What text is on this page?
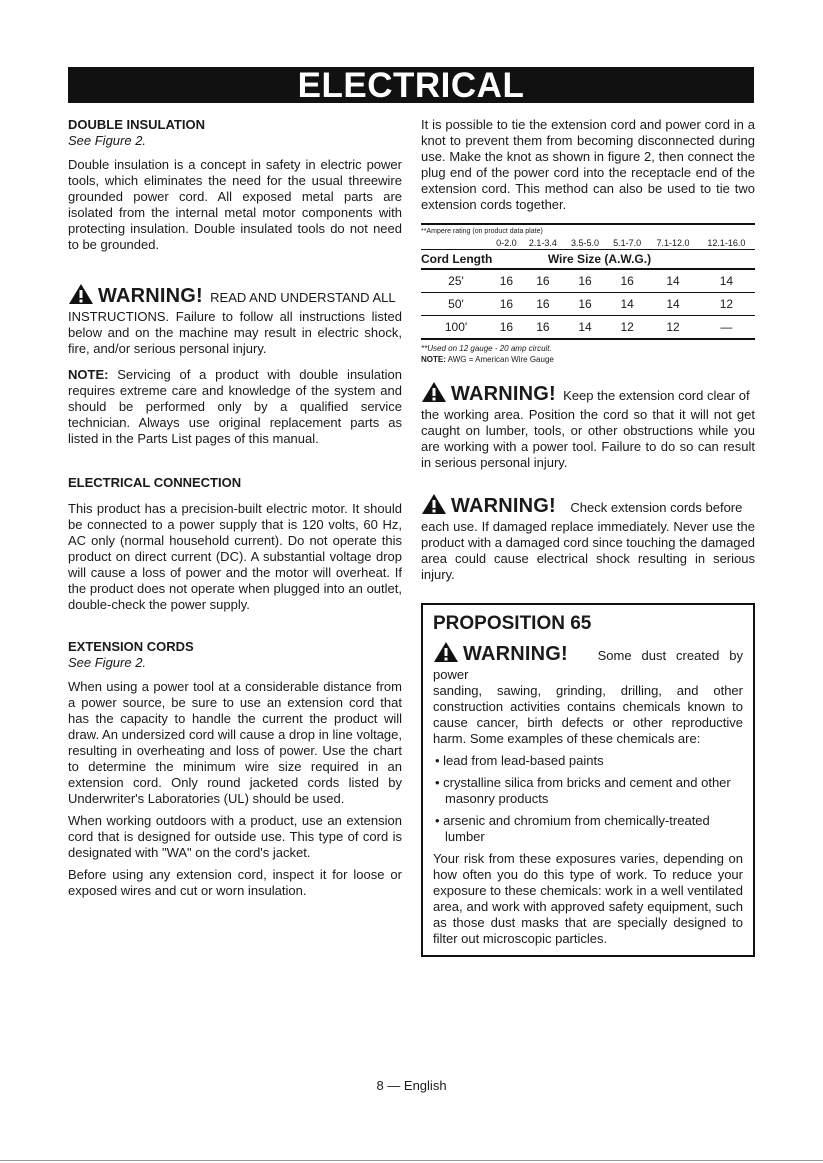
ELECTRICAL
DOUBLE INSULATION
See Figure 2.

Double insulation is a concept in safety in electric power tools, which eliminates the need for the usual threewire grounded power cord. All exposed metal parts are isolated from the internal metal motor components with protecting insulation. Double insulated tools do not need to be grounded.

WARNING! READ AND UNDERSTAND ALL

INSTRUCTIONS. Failure to follow all instructions listed below and on the machine may result in electric shock, fire, and/or serious personal injury.

NOTE: Servicing of a product with double insulation requires extreme care and knowledge of the system and should be performed only by a qualified service technician. Always use original replacement parts as listed in the Parts List pages of this manual.

ELECTRICAL CONNECTION

This product has a precision-built electric motor. It should be connected to a power supply that is 120 volts, 60 Hz, AC only (normal household current). Do not operate this product on direct current (DC). A substantial voltage drop will cause a loss of power and the motor will overheat. If the product does not operate when plugged into an outlet, double-check the power supply.

EXTENSION CORDS
See Figure 2.

When using a power tool at a considerable distance from a power source, be sure to use an extension cord that has the capacity to handle the current the product will draw. An undersized cord will cause a drop in line voltage, resulting in overheating and loss of power. Use the chart to determine the minimum wire size required in an extension cord. Only round jacketed cords listed by Underwriter's Laboratories (UL) should be used.

When working outdoors with a product, use an extension cord that is designed for outside use. This type of cord is designated with "WA" on the cord's jacket.

Before using any extension cord, inspect it for loose or exposed wires and cut or worn insulation.

It is possible to tie the extension cord and power cord in a knot to prevent them from becoming disconnected during use. Make the knot as shown in figure 2, then connect the plug end of the power cord into the receptacle end of the extension cord. This method can also be used to tie two extension cords together.

**Ampere rating (on product data plate)
	0-2.0	2.1-3.4	3.5-5.0	5.1-7.0	7.1-12.0	12.1-16.0
Cord Length		Wire Size (A.W.G.)				
25'	16	16	16	16	14	14
50'	16	16	16	14	14	12
100'	16	16	14	12	12	—
**Used on 12 gauge - 20 amp circuit.
NOTE: AWG = American Wire Gauge
WARNING! Keep the extension cord clear of

the working area. Position the cord so that it will not get caught on lumber, tools, or other obstructions while you are working with a power tool. Failure to do so can result in serious personal injury.

WARNING! Check extension cords before

each use. If damaged replace immediately. Never use the product with a damaged cord since touching the damaged area could cause electrical shock resulting in serious injury.

PROPOSITION 65
WARNING! Some dust created by power

sanding, sawing, grinding, drilling, and other construction activities contains chemicals known to cause cancer, birth defects or other reproductive harm. Some examples of these chemicals are:

• lead from lead-based paints
• crystalline silica from bricks and cement and other masonry products
• arsenic and chromium from chemically-treated lumber

Your risk from these exposures varies, depending on how often you do this type of work. To reduce your exposure to these chemicals: work in a well ventilated area, and work with approved safety equipment, such as those dust masks that are specially designed to filter out microscopic particles.

8 — English
